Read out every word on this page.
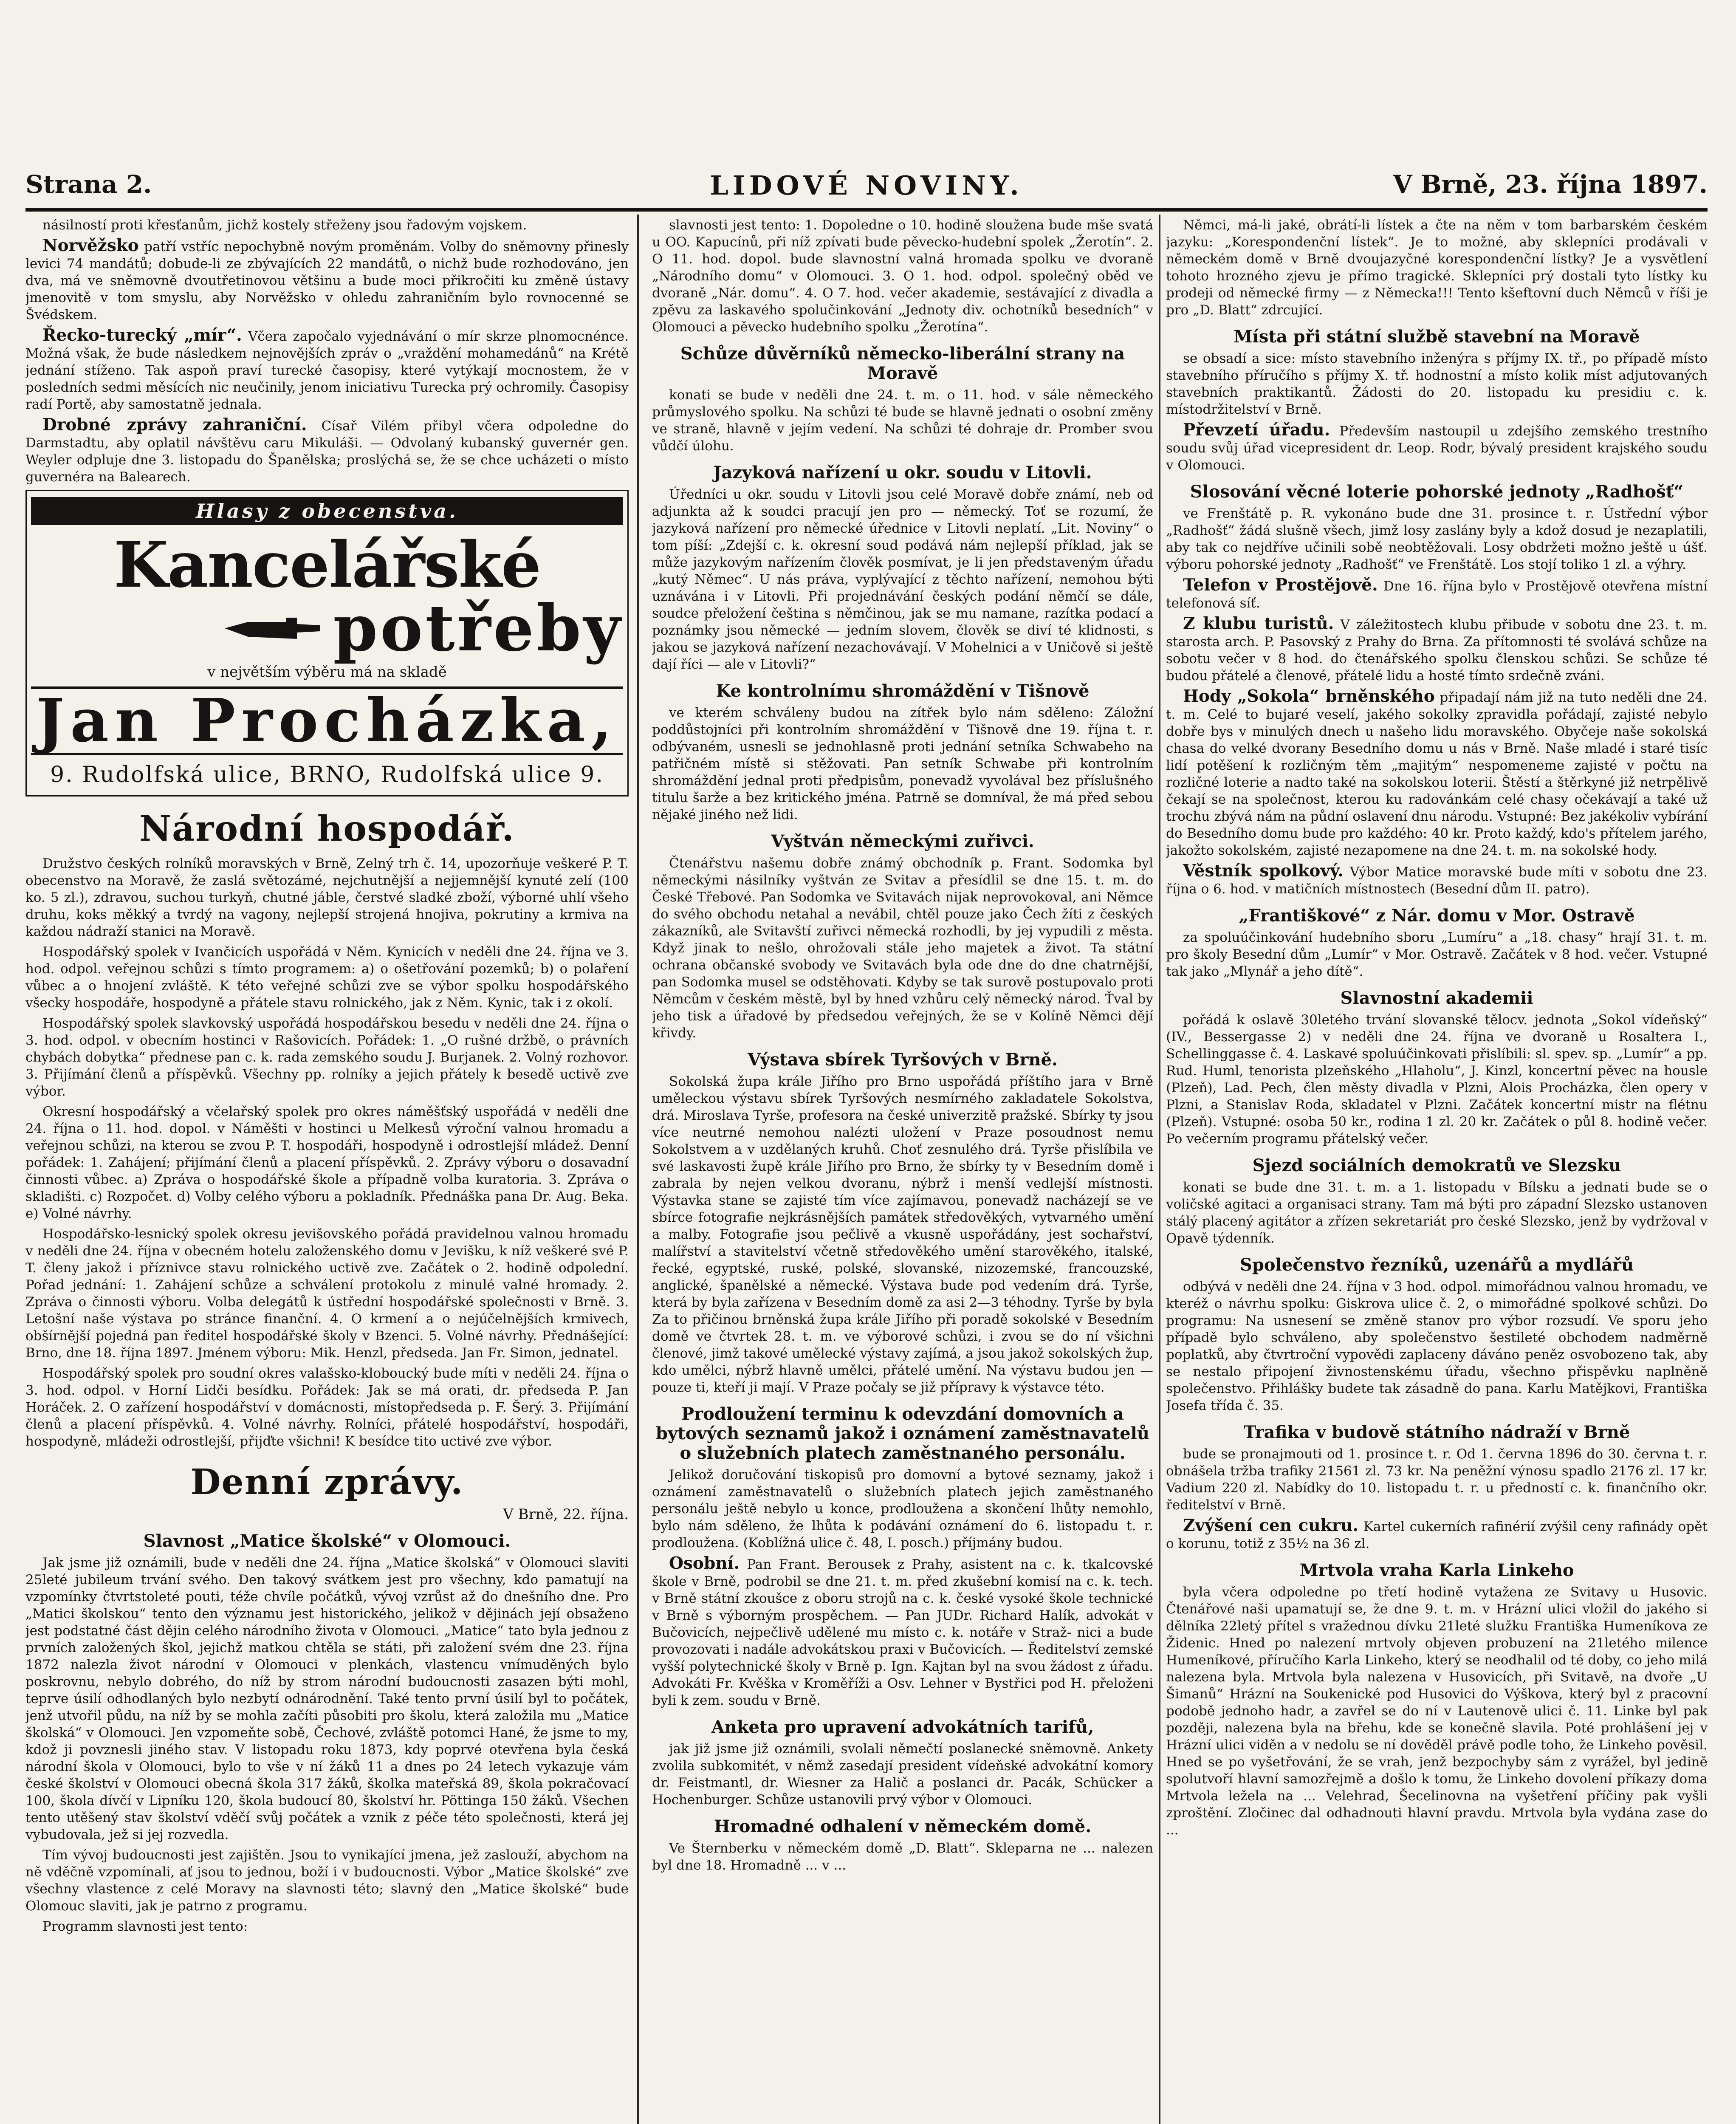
Strana 2.	LIDOVÉ NOVINY.	V Brně, 23. října 1897.

násilností proti křesťanům, jichž kostely střeženy jsou řadovým vojskem.

Norvěžsko patří vstříc nepochybně novým proměnám. Volby do sněmovny přinesly levici 74 mandátů; dobude-li ze zbývajících 22 mandátů, o nichž bude rozhodováno, jen dva, má ve sněmovně dvoutřetinovou většinu a bude moci přikročiti ku změně ústavy jmenovitě v tom smyslu, aby Norvěžsko v ohledu zahraničním bylo rovnocenné se Švédskem.

Řecko-turecký „mír“. Včera započalo vyjednávání o mír skrze plnomocnénce. Možná však, že bude následkem nejnovějších zpráv o „vraždění mohamedánů“ na Krétě jednání stíženo. Tak aspoň praví turecké časopisy, které vytýkají mocnostem, že v posledních sedmi měsících nic neučinily, jenom iniciativu Turecka prý ochromily. Časopisy radí Portě, aby samostatně jednala.

Drobné zprávy zahraniční. Císař Vilém přibyl včera odpoledne do Darmstadtu, aby oplatil návštěvu caru Mikuláši. — Odvolaný kubanský guvernér gen. Weyler odpluje dne 3. listopadu do Španělska; proslýchá se, že se chce ucházeti o místo guvernéra na Balearech.

Hlasy z obecenstva.
Kancelářské
potřeby
v největším výběru má na skladě
Jan Procházka,
9. Rudolfská ulice, BRNO, Rudolfská ulice 9.
Národní hospodář.

Družstvo českých rolníků moravských v Brně, Zelný trh č. 14, upozorňuje veškeré P. T. obecenstvo na Moravě, že zaslá světozámé, nejchutnější a nejjemnější kynuté zelí (100 ko. 5 zl.), zdravou, suchou turkyň, chutné jáble, čerstvé sladké zboží, výborné uhlí všeho druhu, koks měkký a tvrdý na vagony, nejlepší strojená hnojiva, pokrutiny a krmiva na každou nádraží stanici na Moravě.

Hospodářský spolek v Ivančicích uspořádá v Něm. Kynicích v neděli dne 24. října ve 3. hod. odpol. veřejnou schůzi s tímto programem: a) o ošetřování pozemků; b) o polaření vůbec a o hnojení zvláště. K této veřejné schůzi zve se výbor spolku hospodářského všecky hospodáře, hospodyně a přátele stavu rolnického, jak z Něm. Kynic, tak i z okolí.

Hospodářský spolek slavkovský uspořádá hospodářskou besedu v neděli dne 24. října o 3. hod. odpol. v obecním hostinci v Rašovicích. Pořádek: 1. „O rušné držbě, o právních chybách dobytka“ přednese pan c. k. rada zemského soudu J. Burjanek. 2. Volný rozhovor. 3. Přijímání členů a příspěvků. Všechny pp. rolníky a jejich přátely k besedě uctivě zve výbor.

Okresní hospodářský a včelařský spolek pro okres náměšťský uspořádá v neděli dne 24. října o 11. hod. dopol. v Náměšti v hostinci u Melkesů výroční valnou hromadu a veřejnou schůzi, na kterou se zvou P. T. hospodáři, hospodyně i odrostlejší mládež. Denní pořádek: 1. Zahájení; přijímání členů a placení příspěvků. 2. Zprávy výboru o dosavadní činnosti vůbec. a) Zpráva o hospodářské škole a případně volba kuratoria. 3. Zpráva o skladišti. c) Rozpočet. d) Volby celého výboru a pokladník. Přednáška pana Dr. Aug. Beka. e) Volné návrhy.

Hospodářsko-lesnický spolek okresu jevišovského pořádá pravidelnou valnou hromadu v neděli dne 24. října v obecném hotelu založenského domu v Jevišku, k níž veškeré své P. T. členy jakož i příznivce stavu rolnického uctivě zve. Začátek o 2. hodině odpolední. Pořad jednání: 1. Zahájení schůze a schválení protokolu z minulé valné hromady. 2. Zpráva o činnosti výboru. Volba delegátů k ústřední hospodářské společnosti v Brně. 3. Letošní naše výstava po stránce finanční. 4. O krmení a o nejúčelnějších krmivech, obšírnější pojedná pan ředitel hospodářské školy v Bzenci. 5. Volné návrhy. Přednášející: Brno, dne 18. října 1897. Jménem výboru: Mik. Henzl, předseda. Jan Fr. Simon, jednatel.

Hospodářský spolek pro soudní okres valašsko-kloboucký bude míti v neděli 24. října o 3. hod. odpol. v Horní Lidči besídku. Pořádek: Jak se má orati, dr. předseda P. Jan Horáček. 2. O zařízení hospodářství v domácnosti, místopředseda p. F. Šerý. 3. Přijímání členů a placení příspěvků. 4. Volné návrhy. Rolníci, přátelé hospodářství, hospodáři, hospodyně, mládeži odrostlejší, přijďte všichni! K besídce tito uctivé zve výbor.

Denní zprávy.
V Brně, 22. října.
Slavnost „Matice školské“ v Olomouci.

Jak jsme již oznámili, bude v neděli dne 24. října „Matice školská“ v Olomouci slaviti 25leté jubileum trvání svého. Den takový svátkem jest pro všechny, kdo pamatují na vzpomínky čtvrtstoleté pouti, téže chvíle počátků, vývoj vzrůst až do dnešního dne. Pro „Matici školskou“ tento den významu jest historického, jelikož v dějinách její obsaženo jest podstatné část dějin celého národního života v Olomouci. „Matice“ tato byla jednou z prvních založených škol, jejichž matkou chtěla se státi, při založení svém dne 23. října 1872 nalezla život národní v Olomouci v plenkách, vlastencu vnímuděných bylo poskrovnu, nebylo dobrého, do níž by strom národní budoucnosti zasazen býti mohl, teprve úsilí odhodlaných bylo nezbytí odnárodnění. Také tento první úsilí byl to počátek, jenž utvořil půdu, na níž by se mohla začíti působiti pro školu, která založila mu „Matice školská“ v Olomouci. Jen vzpomeňte sobě, Čechové, zvláště potomci Hané, že jsme to my, kdož ji povznesli jiného stav. V listopadu roku 1873, kdy poprvé otevřena byla česká národní škola v Olomouci, bylo to vše v ní žáků 11 a dnes po 24 letech vykazuje vám české školství v Olomouci obecná škola 317 žáků, školka mateřská 89, škola pokračovací 100, škola dívčí v Lipníku 120, škola budoucí 80, školství hr. Pöttinga 150 žáků. Všechen tento utěšený stav školství vděčí svůj počátek a vznik z péče této společnosti, která jej vybudovala, jež si jej rozvedla.

Tím vývoj budoucnosti jest zajištěn. Jsou to vynikající jmena, jež zaslouží, abychom na ně vděčně vzpomínali, ať jsou to jednou, boží i v budoucnosti. Výbor „Matice školské“ zve všechny vlastence z celé Moravy na slavnosti této; slavný den „Matice školské“ bude Olomouc slaviti, jak je patrno z programu.

Programm slavnosti jest tento:

slavnosti jest tento: 1. Dopoledne o 10. hodině sloužena bude mše svatá u OO. Kapucínů, při níž zpívati bude pěvecko-hudební spolek „Žerotín“. 2. O 11. hod. dopol. bude slavnostní valná hromada spolku ve dvoraně „Národního domu“ v Olomouci. 3. O 1. hod. odpol. společný oběd ve dvoraně „Nár. domu“. 4. O 7. hod. večer akademie, sestávající z divadla a zpěvu za laskavého spolučinkování „Jednoty div. ochotníků besedních“ v Olomouci a pěvecko hudebního spolku „Žerotína“.

Schůze důvěrníků německo-liberální strany na Moravě

konati se bude v neděli dne 24. t. m. o 11. hod. v sále německého průmyslového spolku. Na schůzi té bude se hlavně jednati o osobní změny ve straně, hlavně v jejím vedení. Na schůzi té dohraje dr. Promber svou vůdčí úlohu.

Jazyková nařízení u okr. soudu v Litovli.

Úředníci u okr. soudu v Litovli jsou celé Moravě dobře známí, neb od adjunkta až k soudci pracují jen pro — německý. Toť se rozumí, že jazyková nařízení pro německé úřednice v Litovli neplatí. „Lit. Noviny“ o tom píší: „Zdejší c. k. okresní soud podává nám nejlepší příklad, jak se může jazykovým nařízením člověk posmívat, je li jen představeným úřadu „kutý Němec“. U nás práva, vyplývající z těchto nařízení, nemohou býti uznávána i v Litovli. Při projednávání českých podání němčí se dále, soudce přeložení čeština s němčinou, jak se mu namane, razítka podací a poznámky jsou německé — jedním slovem, člověk se diví té klidnosti, s jakou se jazyková nařízení nezachovávají. V Mohelnici a v Uničově si ještě dají říci — ale v Litovli?“

Ke kontrolnímu shromáždění v Tišnově

ve kterém schváleny budou na zítřek bylo nám sděleno: Záložní poddůstojníci při kontrolním shromáždění v Tišnově dne 19. října t. r. odbývaném, usnesli se jednohlasně proti jednání setníka Schwabeho na patřičném místě si stěžovati. Pan setník Schwabe při kontrolním shromáždění jednal proti předpisům, ponevadž vyvolával bez příslušného titulu šarže a bez kritického jména. Patrně se domníval, že má před sebou nějaké jiného než lidi.

Vyštván německými zuřivci.

Čtenářstvu našemu dobře známý obchodník p. Frant. Sodomka byl německými násilníky vyštván ze Svitav a přesídlil se dne 15. t. m. do České Třebové. Pan Sodomka ve Svitavách nijak neprovokoval, ani Němce do svého obchodu netahal a nevábil, chtěl pouze jako Čech žíti z českých zákazníků, ale Svitavští zuřivci německá rozhodli, by jej vypudili z města. Když jinak to nešlo, ohrožovali stále jeho majetek a život. Ta státní ochrana občanské svobody ve Svitavách byla ode dne do dne chatrnější, pan Sodomka musel se odstěhovati. Kdyby se tak surově postupovalo proti Němcům v českém městě, byl by hned vzhůru celý německý národ. Ťval by jeho tisk a úřadové by předsedou veřejných, že se v Kolíně Němci dějí křivdy.

Výstava sbírek Tyršových v Brně.

Sokolská župa krále Jiřího pro Brno uspořádá příštího jara v Brně uměleckou výstavu sbírek Tyršových nesmírného zakladatele Sokolstva, drá. Miroslava Tyrše, profesora na české univerzitě pražské. Sbírky ty jsou více neutrné nemohou nalézti uložení v Praze posoudnost nemu Sokolstvem a v uzdělaných kruhů. Choť zesnulého drá. Tyrše přislíbila ve své laskavosti župě krále Jiřího pro Brno, že sbírky ty v Besedním domě i zabrala by nejen velkou dvoranu, nýbrž i menší vedlejší místnosti. Výstavka stane se zajisté tím více zajímavou, ponevadž nacházejí se ve sbírce fotografie nejkrásnějších památek středověkých, vytvarného umění a malby. Fotografie jsou pečlivě a vkusně uspořádány, jest sochařství, malířství a stavitelství včetně středověkého umění starověkého, italské, řecké, egyptské, ruské, polské, slovanské, nizozemské, francouzské, anglické, španělské a německé. Výstava bude pod vedením drá. Tyrše, která by byla zařízena v Besedním domě za asi 2—3 téhodny. Tyrše by byla Za to přičinou brněnská župa krále Jiřího při poradě sokolské v Besedním domě ve čtvrtek 28. t. m. ve výborové schůzi, i zvou se do ní všichni členové, jimž takové umělecké výstavy zajímá, a jsou jakož sokolských žup, kdo umělci, nýbrž hlavně umělci, přátelé umění. Na výstavu budou jen — pouze ti, kteří ji mají. V Praze počaly se již přípravy k výstavce této.

Prodloužení terminu k odevzdání domovních a bytových seznamů jakož i oznámení zaměstnavatelů o služebních platech zaměstnaného personálu.

Jelikož doručování tiskopisů pro domovní a bytové seznamy, jakož i oznámení zaměstnavatelů o služebních platech jejich zaměstnaného personálu ještě nebylo u konce, prodloužena a skončení lhůty nemohlo, bylo nám sděleno, že lhůta k podávání oznámení do 6. listopadu t. r. prodloužena. (Koblížná ulice č. 48, I. posch.) příjmány budou.

Osobní. Pan Frant. Berousek z Prahy, asistent na c. k. tkalcovské škole v Brně, podrobil se dne 21. t. m. před zkušební komisí na c. k. tech. v Brně státní zkoušce z oboru strojů na c. k. české vysoké škole technické v Brně s výborným prospěchem. — Pan JUDr. Richard Halík, advokát v Bučovicích, nejpečlivě udělené mu místo c. k. notáře v Straž- nici a bude provozovati i nadále advokátskou praxi v Bučovicích. — Ředitelství zemské vyšší polytechnické školy v Brně p. Ign. Kajtan byl na svou žádost z úřadu. Advokáti Fr. Kvěška v Kroměříži a Osv. Lehner v Bystřici pod H. přeloženi byli k zem. soudu v Brně.

Anketa pro upravení advokátních tarifů,

jak již jsme již oznámili, svolali němečtí poslanecké sněmovně. Ankety zvolila subkomitét, v němž zasedají president vídeňské advokátní komory dr. Feistmantl, dr. Wiesner za Halič a poslanci dr. Pacák, Schücker a Hochenburger. Schůze ustanovili prvý výbor v Olomouci.

Hromadné odhalení v německém domě.

Ve Šternberku v německém domě „D. Blatt“. Skleparna ne ... nalezen byl dne 18. Hromadně ... v ...

Němci, má-li jaké, obrátí-li lístek a čte na něm v tom barbarském českém jazyku: „Korespondenční lístek“. Je to možné, aby sklepníci prodávali v německém domě v Brně dvoujazyčné korespondenční lístky? Je a vysvětlení tohoto hrozného zjevu je přímo tragické. Sklepníci prý dostali tyto lístky ku prodeji od německé firmy — z Německa!!! Tento kšeftovní duch Němců v říši je pro „D. Blatt“ zdrcující.

Místa při státní službě stavební na Moravě

se obsadí a sice: místo stavebního inženýra s příjmy IX. tř., po případě místo stavebního příručího s příjmy X. tř. hodnostní a místo kolik míst adjutovaných stavebních praktikantů. Žádosti do 20. listopadu ku presidiu c. k. místodržitelství v Brně.

Převzetí úřadu. Především nastoupil u zdejšího zemského trestního soudu svůj úřad vicepresident dr. Leop. Rodr, bývalý president krajského soudu v Olomouci.

Slosování věcné loterie pohorské jednoty „Radhošť“

ve Frenštátě p. R. vykonáno bude dne 31. prosince t. r. Ústřední výbor „Radhošť“ žádá slušně všech, jimž losy zaslány byly a kdož dosud je nezaplatili, aby tak co nejdříve učinili sobě neobtěžovali. Losy obdržeti možno ještě u úšť. výboru pohorské jednoty „Radhošť“ ve Frenštátě. Los stojí toliko 1 zl. a výhry.

Telefon v Prostějově. Dne 16. října bylo v Prostějově otevřena místní telefonová síť.

Z klubu turistů. V záležitostech klubu přibude v sobotu dne 23. t. m. starosta arch. P. Pasovský z Prahy do Brna. Za přítomnosti té svolává schůze na sobotu večer v 8 hod. do čtenářského spolku členskou schůzi. Se schůze té budou přátelé a členové, přátelé lidu a hosté tímto srdečně zváni.

Hody „Sokola“ brněnského připadají nám již na tuto neděli dne 24. t. m. Celé to bujaré veselí, jakého sokolky zpravidla pořádají, zajisté nebylo dobře bys v minulých dnech u našeho lidu moravského. Obyčeje naše sokolská chasa do velké dvorany Besedního domu u nás v Brně. Naše mladé i staré tisíc lidí potěšení k rozličným těm „majitým“ nespomeneme zajisté v počtu na rozličné loterie a nadto také na sokolskou loterii. Štěstí a štěrkyné již netrpělivě čekají se na společnost, kterou ku radovánkám celé chasy očekávají a také už trochu zbývá nám na půdní oslavení dnu národu. Vstupné: Bez jakékoliv vybírání do Besedního domu bude pro každého: 40 kr. Proto každý, kdo's přítelem jarého, jakožto sokolském, zajisté nezapomene na dne 24. t. m. na sokolské hody.

Věstník spolkový. Výbor Matice moravské bude míti v sobotu dne 23. října o 6. hod. v matičních místnostech (Besední dům II. patro).

„Františkové“ z Nár. domu v Mor. Ostravě

za spoluúčinkování hudebního sboru „Lumíru“ a „18. chasy“ hrají 31. t. m. pro školy Besední dům „Lumír“ v Mor. Ostravě. Začátek v 8 hod. večer. Vstupné tak jako „Mlynář a jeho dítě“.

Slavnostní akademii

pořádá k oslavě 30letého trvání slovanské tělocv. jednota „Sokol vídeňský“ (IV., Bessergasse 2) v neděli dne 24. října ve dvoraně u Rosaltera I., Schellinggasse č. 4. Laskavé spoluúčinkovati přislíbili: sl. spev. sp. „Lumír“ a pp. Rud. Huml, tenorista plzeňského „Hlaholu“, J. Kinzl, koncertní pěvec na housle (Plzeň), Lad. Pech, člen městy divadla v Plzni, Alois Procházka, člen opery v Plzni, a Stanislav Roda, skladatel v Plzni. Začátek koncertní mistr na flétnu (Plzeň). Vstupné: osoba 50 kr., rodina 1 zl. 20 kr. Začátek o půl 8. hodině večer. Po večerním programu přátelský večer.

Sjezd sociálních demokratů ve Slezsku

konati se bude dne 31. t. m. a 1. listopadu v Bílsku a jednati bude se o voličské agitaci a organisaci strany. Tam má býti pro západní Slezsko ustanoven stálý placený agitátor a zřízen sekretariát pro české Slezsko, jenž by vydržoval v Opavě týdenník.

Společenstvo řezníků, uzenářů a mydlářů

odbývá v neděli dne 24. října v 3 hod. odpol. mimořádnou valnou hromadu, ve kteréž o návrhu spolku: Giskrova ulice č. 2, o mimořádné spolkové schůzi. Do programu: Na usnesení se změně stanov pro výbor rozsudí. Ve sporu jeho případě bylo schváleno, aby společenstvo šestileté obchodem nadměrně poplatků, aby čtvrtroční vypovědi zaplaceny dáváno peněz osvobozeno tak, aby se nestalo připojení živnostenskému úřadu, všechno přispěvku naplněně společenstvo. Přihlášky budete tak zásadně do pana. Karlu Matějkovi, Františka Josefa třída č. 35.

Trafika v budově státního nádraží v Brně

bude se pronajmouti od 1. prosince t. r. Od 1. června 1896 do 30. června t. r. obnášela tržba trafiky 21561 zl. 73 kr. Na peněžní výnosu spadlo 2176 zl. 17 kr. Vadium 220 zl. Nabídky do 10. listopadu t. r. u předností c. k. finančního okr. ředitelství v Brně.

Zvýšení cen cukru. Kartel cukerních rafinérií zvýšil ceny rafinády opět o korunu, totiž z 35½ na 36 zl.

Mrtvola vraha Karla Linkeho

byla včera odpoledne po třetí hodině vytažena ze Svitavy u Husovic. Čtenářové naši upamatují se, že dne 9. t. m. v Hrázní ulici vložil do jakého si dělníka 22letý přítel s vražednou dívku 21leté služku Františka Humeníkova ze Židenic. Hned po nalezení mrtvoly objeven probuzení na 21letého milence Humeníkové, příručího Karla Linkeho, který se neodhalil od té doby, co jeho milá nalezena byla. Mrtvola byla nalezena v Husovicích, při Svitavě, na dvoře „U Šimanů“ Hrázní na Soukenické pod Husovici do Výškova, který byl z pracovní podobě jednoho hadr, a zavřel se do ní v Lautenově ulici č. 11. Linke byl pak později, nalezena byla na břehu, kde se konečně slavila. Poté prohlášení jej v Hrázní ulici viděn a v nedolu se ní dověděl právě podle toho, že Linkeho pověsil. Hned se po vyšetřování, že se vrah, jenž bezpochyby sám z vyrážel, byl jedině spolutvoří hlavní samozřejmě a došlo k tomu, že Linkeho dovolení příkazy doma Mrtvola ležela na ... Velehrad, Šecelinovna na vyšetření příčiny pak vyšli zproštění. Zločinec dal odhadnouti hlavní pravdu. Mrtvola byla vydána zase do ...
